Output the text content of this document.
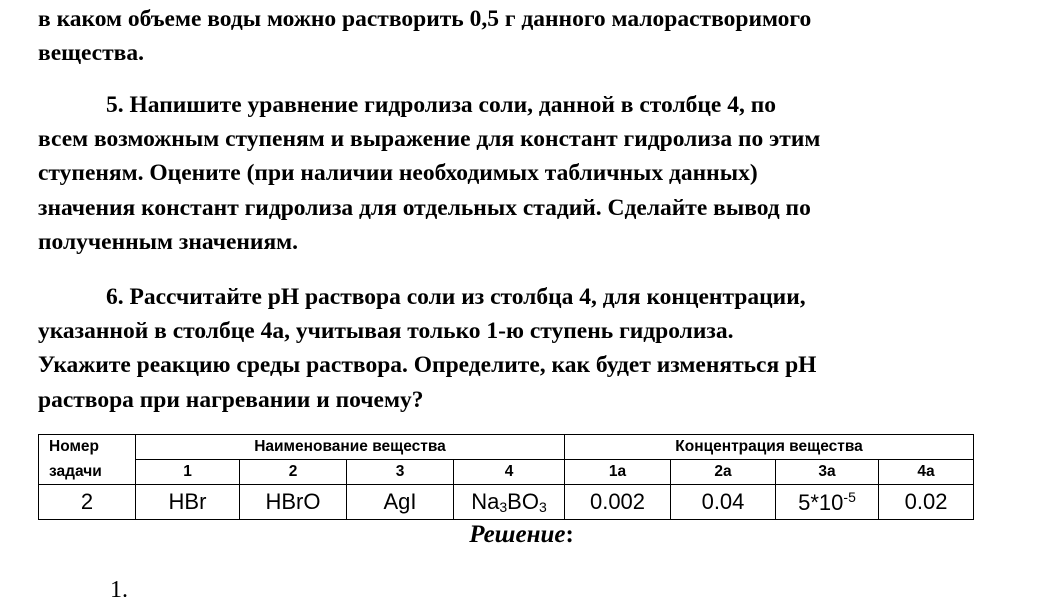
в каком объеме воды можно растворить 0,5 г данного малорастворимого
вещества.
5. Напишите уравнение гидролиза соли, данной в столбце 4, по
всем возможным ступеням и выражение для констант гидролиза по этим
ступеням. Оцените (при наличии необходимых табличных данных)
значения констант гидролиза для отдельных стадий. Сделайте вывод по
полученным значениям.
6. Рассчитайте pH раствора соли из столбца 4, для концентрации,
указанной в столбце 4а, учитывая только 1-ю ступень гидролиза.
Укажите реакцию среды раствора. Определите, как будет изменяться pH
раствора при нагревании и почему?
Номер	Наименование вещества				Концентрация вещества			
задачи	1	2	3	4	1а	2а	3а	4а
2	HBr	HBrO	AgI	$Na_3BO_3$	0.002	0.04	$5*10^{-5}$	0.02
Решение:
1.
